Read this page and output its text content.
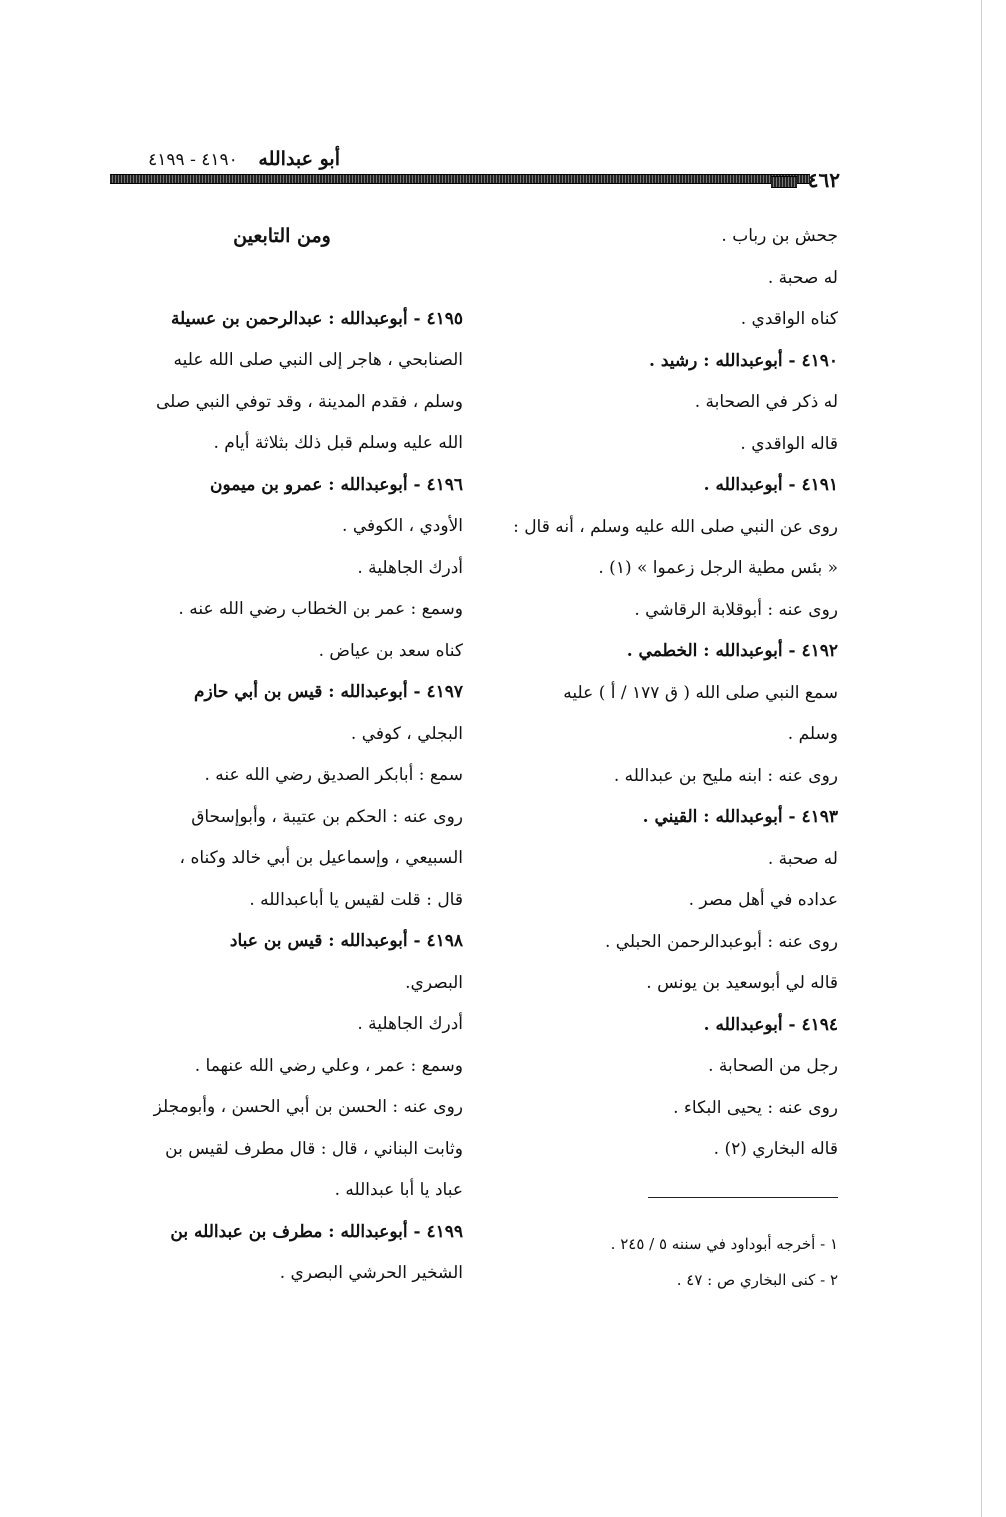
أبو عبدالله ٤١٩٠ - ٤١٩٩
٤٦٢

جحش بن رباب .

له صحبة .

كناه الواقدي .

٤١٩٠ - أبوعبدالله : رشيد .

له ذكر في الصحابة .

قاله الواقدي .

٤١٩١ - أبوعبدالله .

روى عن النبي صلى الله عليه وسلم ، أنه قال :

« بئس مطية الرجل زعموا » (١) .

روى عنه : أبوقلابة الرقاشي .

٤١٩٢ - أبوعبدالله : الخطمي .

سمع النبي صلى الله ( ق ١٧٧ / أ ) عليه

وسلم .

روى عنه : ابنه مليح بن عبدالله .

٤١٩٣ - أبوعبدالله : القيني .

له صحبة .

عداده في أهل مصر .

روى عنه : أبوعبدالرحمن الحبلي .

قاله لي أبوسعيد بن يونس .

٤١٩٤ - أبوعبدالله .

رجل من الصحابة .

روى عنه : يحيى البكاء .

قاله البخاري (٢) .

ومن التابعين

٤١٩٥ - أبوعبدالله : عبدالرحمن بن عسيلة

الصنابحي ، هاجر إلى النبي صلى الله عليه

وسلم ، فقدم المدينة ، وقد توفي النبي صلى

الله عليه وسلم قبل ذلك بثلاثة أيام .

٤١٩٦ - أبوعبدالله : عمرو بن ميمون

الأودي ، الكوفي .

أدرك الجاهلية .

وسمع : عمر بن الخطاب رضي الله عنه .

كناه سعد بن عياض .

٤١٩٧ - أبوعبدالله : قيس بن أبي حازم

البجلي ، كوفي .

سمع : أبابكر الصديق رضي الله عنه .

روى عنه : الحكم بن عتيبة ، وأبوإسحاق

السبيعي ، وإسماعيل بن أبي خالد وكناه ،

قال : قلت لقيس يا أباعبدالله .

٤١٩٨ - أبوعبدالله : قيس بن عباد

البصري.

أدرك الجاهلية .

وسمع : عمر ، وعلي رضي الله عنهما .

روى عنه : الحسن بن أبي الحسن ، وأبومجلز

وثابت البناني ، قال : قال مطرف لقيس بن

عباد يا أبا عبدالله .

٤١٩٩ - أبوعبدالله : مطرف بن عبدالله بن

الشخير الحرشي البصري .

١ - أخرجه أبوداود في سننه ٥ / ٢٤٥ .

٢ - كنى البخاري ص : ٤٧ .
